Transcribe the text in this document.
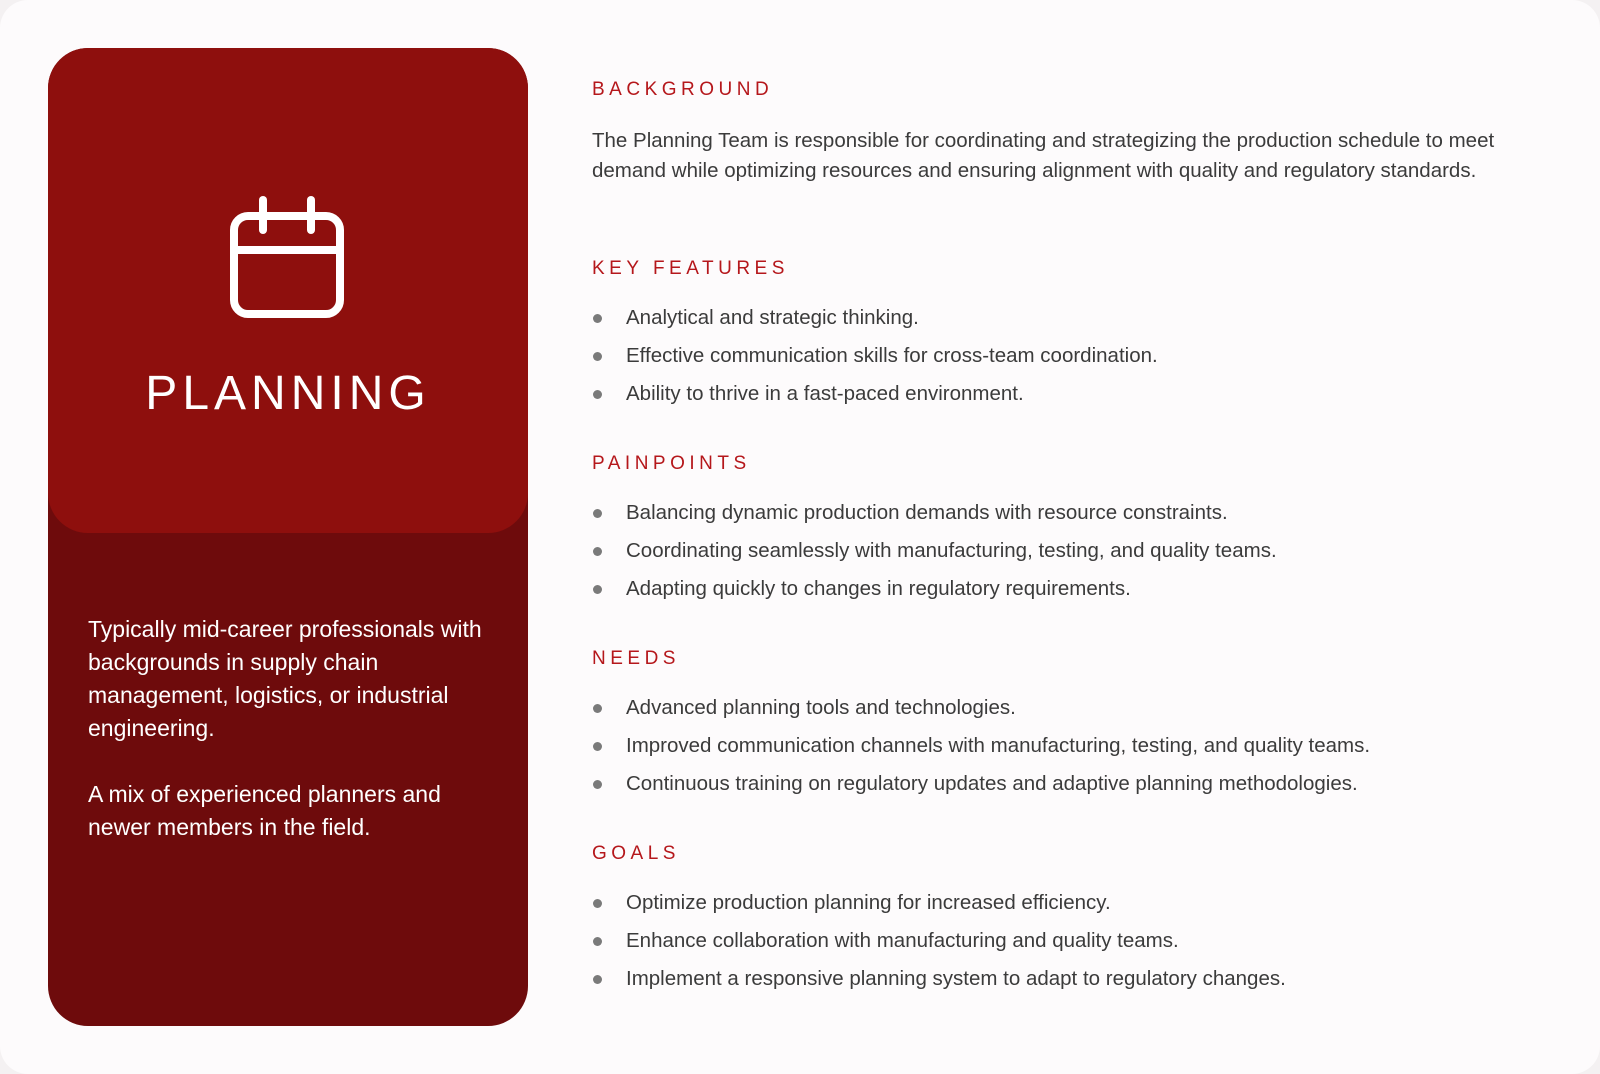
PLANNING

Typically mid-career professionals with backgrounds in supply chain management, logistics, or industrial engineering.

A mix of experienced planners and newer members in the field.

BACKGROUND

The Planning Team is responsible for coordinating and strategizing the production schedule to meet demand while optimizing resources and ensuring alignment with quality and regulatory standards.

KEY FEATURES
Analytical and strategic thinking.
Effective communication skills for cross-team coordination.
Ability to thrive in a fast-paced environment.
PAINPOINTS
Balancing dynamic production demands with resource constraints.
Coordinating seamlessly with manufacturing, testing, and quality teams.
Adapting quickly to changes in regulatory requirements.
NEEDS
Advanced planning tools and technologies.
Improved communication channels with manufacturing, testing, and quality teams.
Continuous training on regulatory updates and adaptive planning methodologies.
GOALS
Optimize production planning for increased efficiency.
Enhance collaboration with manufacturing and quality teams.
Implement a responsive planning system to adapt to regulatory changes.
